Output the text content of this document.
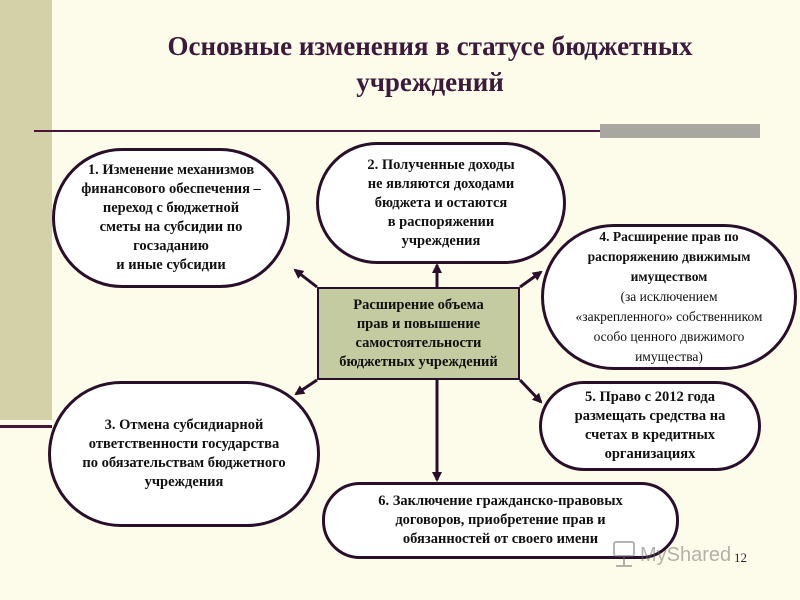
Основные изменения в статусе бюджетных учреждений
1. Изменение механизмов
финансового обеспечения –
переход с бюджетной
сметы на субсидии по
госзаданию
и иные субсидии
2. Полученные доходы
не являются доходами
бюджета и остаются
в распоряжении
учреждения	4. Расширение прав по
распоряжению движимым
имуществом
(за исключением
«закрепленного» собственником
особо ценного движимого
имущества)
5. Право с 2012 года
размещать средства на
счетах в кредитных
организациях
3. Отмена субсидиарной
ответственности государства
по обязательствам бюджетного
учреждения
6. Заключение гражданско-правовых
договоров, приобретение прав и
обязанностей от своего имени
Расширение объема
прав и повышение
самостоятельности
бюджетных учреждений
MyShared 12
